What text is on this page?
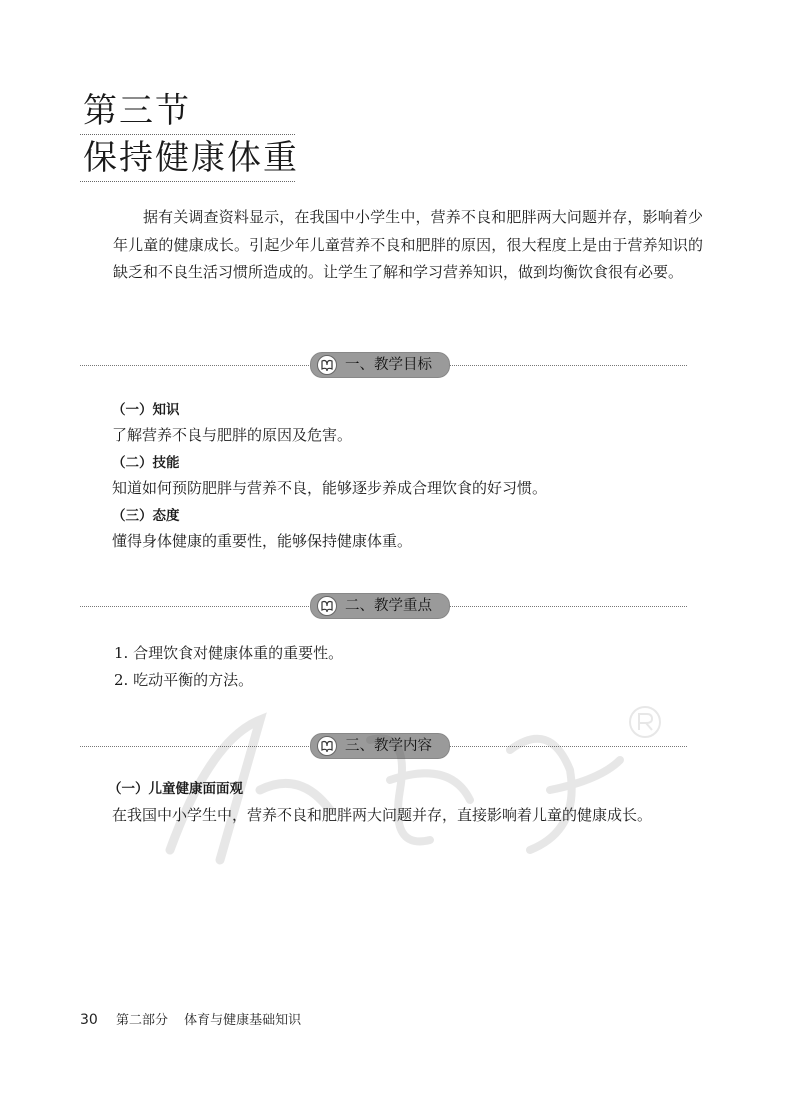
第三节
保持健康体重
据有关调查资料显示，在我国中小学生中，营养不良和肥胖两大问题并存，影响着少年儿童的健康成长。引起少年儿童营养不良和肥胖的原因，很大程度上是由于营养知识的缺乏和不良生活习惯所造成的。让学生了解和学习营养知识，做到均衡饮食很有必要。
一、教学目标
（一）知识
了解营养不良与肥胖的原因及危害。
（二）技能
知道如何预防肥胖与营养不良，能够逐步养成合理饮食的好习惯。
（三）态度
懂得身体健康的重要性，能够保持健康体重。
二、教学重点
1. 合理饮食对健康体重的重要性。
2. 吃动平衡的方法。
三、教学内容
（一）儿童健康面面观
在我国中小学生中，营养不良和肥胖两大问题并存，直接影响着儿童的健康成长。
30 第二部分 体育与健康基础知识
